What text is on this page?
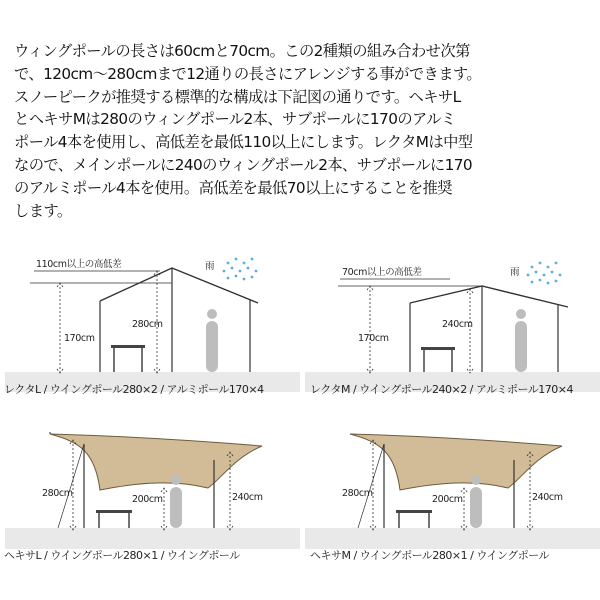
ウィングポールの長さは60cmと70cm。この2種類の組み合わせ次第

で、120cm〜280cmまで12通りの長さにアレンジする事ができます。

スノーピークが推奨する標準的な構成は下記図の通りです。ヘキサL

とヘキサMは280のウィングポール2本、サブポールに170のアルミ

ポール4本を使用し、高低差を最低110以上にします。レクタMは中型

なので、メインポールに240のウィングポール2本、サブポールに170

のアルミポール4本を使用。高低差を最低70以上にすることを推奨

します。

110cm以上の高低差
170cm
280cm
雨
レクタL / ウイングポール280×2 / アルミポール170×4
70cm以上の高低差
170cm
240cm
雨
レクタM / ウイングポール240×2 / アルミポール170×4
280cm	240cm
200cm
ヘキサL / ウイングポール280×1 / ウイングポール
280cm	240cm
200cm
ヘキサM / ウイングポール280×1 / ウイングポール
